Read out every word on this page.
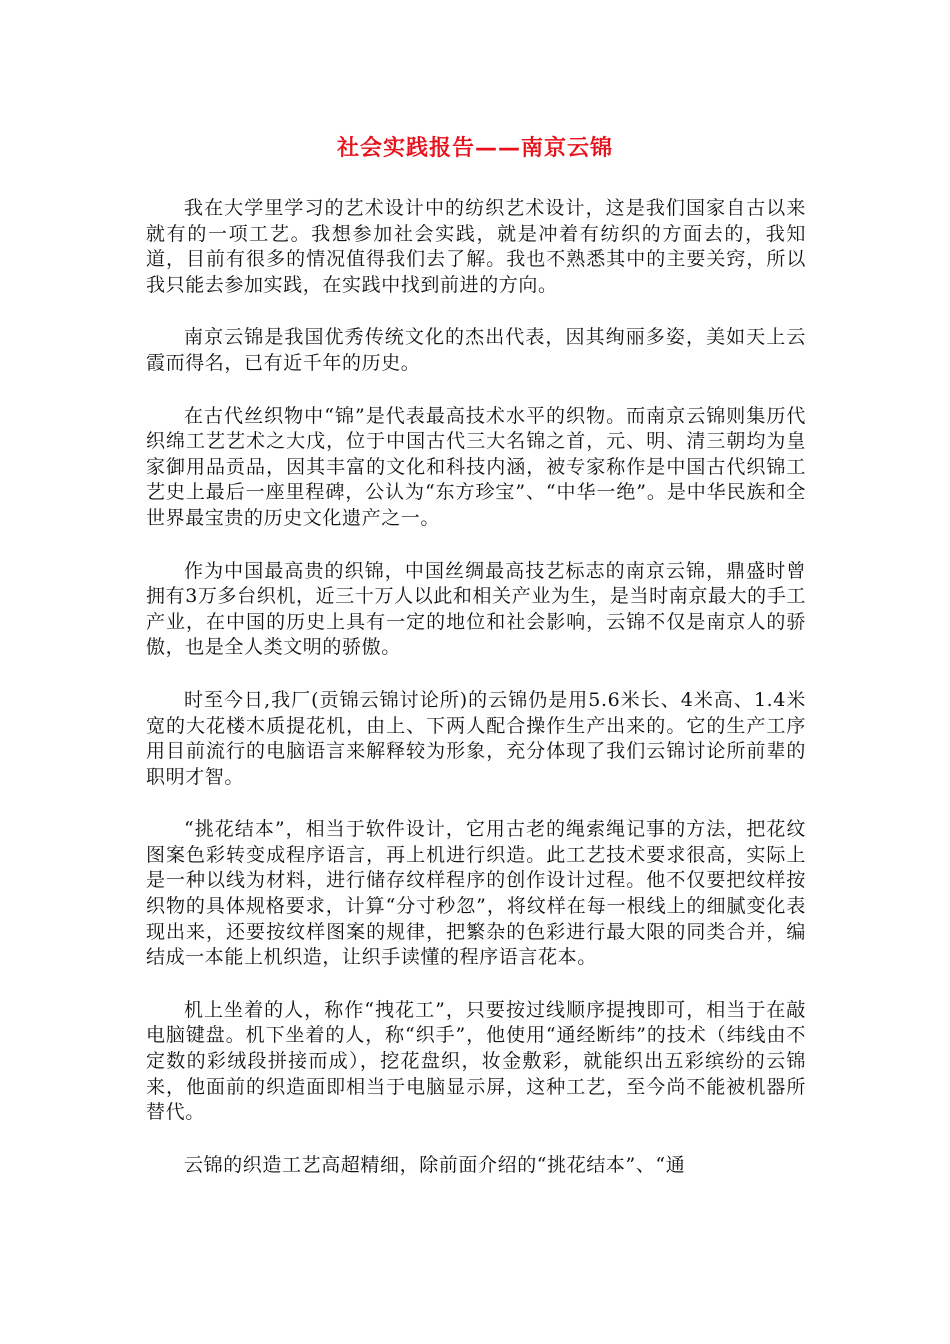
社会实践报告——南京云锦

我在大学里学习的艺术设计中的纺织艺术设计，这是我们国家自古以来就有的一项工艺。我想参加社会实践，就是冲着有纺织的方面去的，我知道，目前有很多的情况值得我们去了解。我也不熟悉其中的主要关窍，所以我只能去参加实践，在实践中找到前进的方向。

南京云锦是我国优秀传统文化的杰出代表，因其绚丽多姿，美如天上云霞而得名，已有近千年的历史。

在古代丝织物中“锦”是代表最高技术水平的织物。而南京云锦则集历代织绵工艺艺术之大戊，位于中国古代三大名锦之首，元、明、清三朝均为皇家御用品贡品，因其丰富的文化和科技内涵，被专家称作是中国古代织锦工艺史上最后一座里程碑，公认为“东方珍宝”、“中华一绝”。是中华民族和全世界最宝贵的历史文化遗产之一。

作为中国最高贵的织锦，中国丝绸最高技艺标志的南京云锦，鼎盛时曾拥有3万多台织机，近三十万人以此和相关产业为生，是当时南京最大的手工产业，在中国的历史上具有一定的地位和社会影响，云锦不仅是南京人的骄傲，也是全人类文明的骄傲。

时至今日,我厂(贡锦云锦讨论所)的云锦仍是用5.6米长、4米高、1.4米宽的大花楼木质提花机，由上、下两人配合操作生产出来的。它的生产工序用目前流行的电脑语言来解释较为形象，充分体现了我们云锦讨论所前辈的职明才智。

“挑花结本”，相当于软件设计，它用古老的绳索绳记事的方法，把花纹图案色彩转变成程序语言，再上机进行织造。此工艺技术要求很高，实际上是一种以线为材料，进行储存纹样程序的创作设计过程。他不仅要把纹样按织物的具体规格要求，计算“分寸秒忽”，将纹样在每一根线上的细腻变化表现出来，还要按纹样图案的规律，把繁杂的色彩进行最大限的同类合并，编结成一本能上机织造，让织手读懂的程序语言花本。

机上坐着的人，称作“拽花工”，只要按过线顺序提拽即可，相当于在敲电脑键盘。机下坐着的人，称“织手”，他使用“通经断纬”的技术（纬线由不定数的彩绒段拼接而成），挖花盘织，妆金敷彩，就能织出五彩缤纷的云锦来，他面前的织造面即相当于电脑显示屏，这种工艺，至今尚不能被机器所替代。

云锦的织造工艺高超精细，除前面介绍的“挑花结本”、“通
